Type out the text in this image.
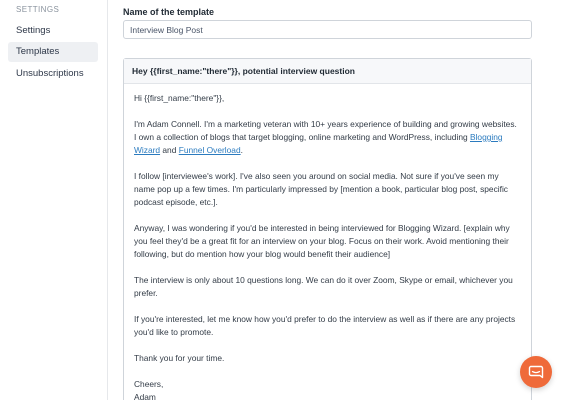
SETTINGS
Settings
Templates
Unsubscriptions
Name of the template
Interview Blog Post
Hey {{first_name:"there"}}, potential interview question

Hi {{first_name:"there"}},

I'm Adam Connell. I'm a marketing veteran with 10+ years experience of building and growing websites. I own a collection of blogs that target blogging, online marketing and WordPress, including Blogging Wizard and Funnel Overload.

I follow [interviewee's work]. I've also seen you around on social media. Not sure if you've seen my name pop up a few times. I'm particularly impressed by [mention a book, particular blog post, specific podcast episode, etc.].

Anyway, I was wondering if you'd be interested in being interviewed for Blogging Wizard. [explain why you feel they'd be a great fit for an interview on your blog. Focus on their work. Avoid mentioning their following, but do mention how your blog would benefit their audience]

The interview is only about 10 questions long. We can do it over Zoom, Skype or email, whichever you prefer.

If you're interested, let me know how you'd prefer to do the interview as well as if there are any projects you'd like to promote.

Thank you for your time.

Cheers,
Adam
